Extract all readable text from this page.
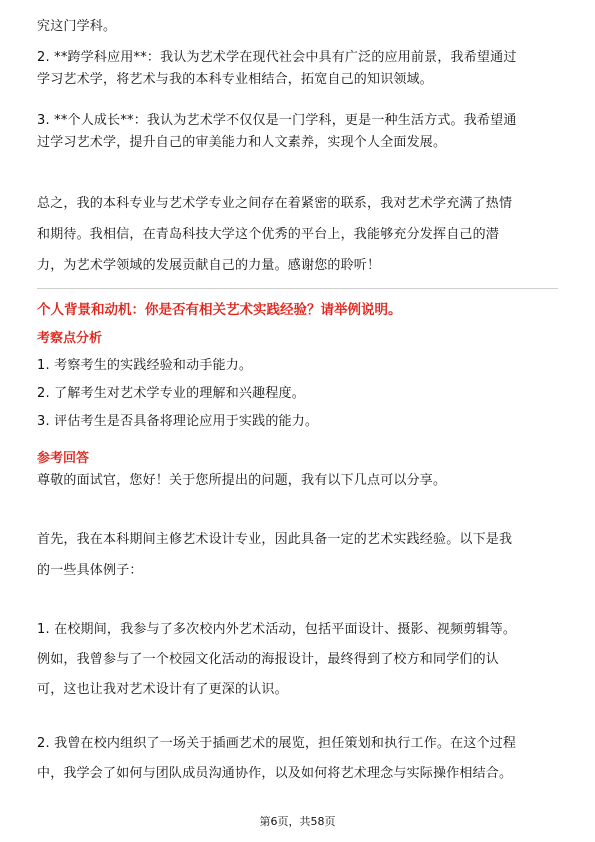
究这门学科。
2. **跨学科应用**：我认为艺术学在现代社会中具有广泛的应用前景，我希望通过
学习艺术学，将艺术与我的本科专业相结合，拓宽自己的知识领域。
3. **个人成长**：我认为艺术学不仅仅是一门学科，更是一种生活方式。我希望通
过学习艺术学，提升自己的审美能力和人文素养，实现个人全面发展。
总之，我的本科专业与艺术学专业之间存在着紧密的联系，我对艺术学充满了热情
和期待。我相信，在青岛科技大学这个优秀的平台上，我能够充分发挥自己的潜
力，为艺术学领域的发展贡献自己的力量。感谢您的聆听！
个人背景和动机：你是否有相关艺术实践经验？请举例说明。
考察点分析
1. 考察考生的实践经验和动手能力。
2. 了解考生对艺术学专业的理解和兴趣程度。
3. 评估考生是否具备将理论应用于实践的能力。
参考回答
尊敬的面试官，您好！关于您所提出的问题，我有以下几点可以分享。
首先，我在本科期间主修艺术设计专业，因此具备一定的艺术实践经验。以下是我
的一些具体例子：
1. 在校期间，我参与了多次校内外艺术活动，包括平面设计、摄影、视频剪辑等。
例如，我曾参与了一个校园文化活动的海报设计，最终得到了校方和同学们的认
可，这也让我对艺术设计有了更深的认识。
2. 我曾在校内组织了一场关于插画艺术的展览，担任策划和执行工作。在这个过程
中，我学会了如何与团队成员沟通协作，以及如何将艺术理念与实际操作相结合。
第6页，共58页
